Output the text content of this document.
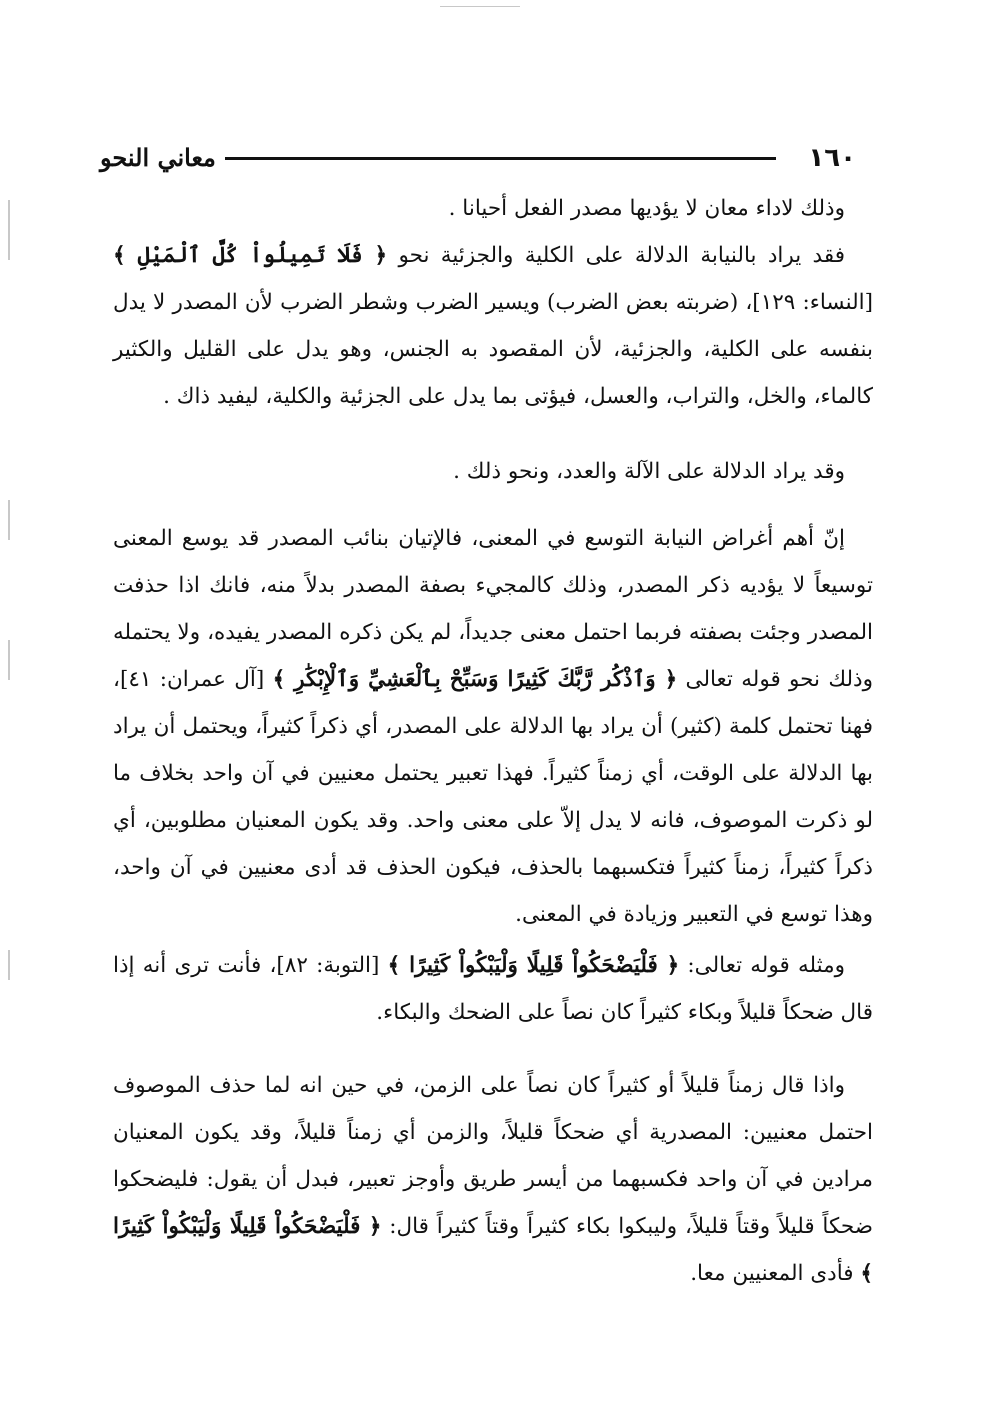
١٦٠
معاني النحو

وذلك لاداء معان لا يؤديها مصدر الفعل أحيانا .

فقد يراد بالنيابة الدلالة على الكلية والجزئية نحو ﴿ فَلَا تَمِيلُواْ كُلَّ ٱلْمَيْلِ ﴾ [النساء: ١٢٩]، (ضربته بعض الضرب) ويسير الضرب وشطر الضرب لأن المصدر لا يدل بنفسه على الكلية، والجزئية، لأن المقصود به الجنس، وهو يدل على القليل والكثير كالماء، والخل، والتراب، والعسل، فيؤتى بما يدل على الجزئية والكلية، ليفيد ذاك .

وقد يراد الدلالة على الآلة والعدد، ونحو ذلك .

إنّ أهم أغراض النيابة التوسع في المعنى، فالإتيان بنائب المصدر قد يوسع المعنى توسيعاً لا يؤديه ذكر المصدر، وذلك كالمجيء بصفة المصدر بدلاً منه، فانك اذا حذفت المصدر وجئت بصفته فربما احتمل معنى جديداً، لم يكن ذكره المصدر يفيده، ولا يحتمله وذلك نحو قوله تعالى ﴿ وَٱذْكُر رَّبَّكَ كَثِيرًا وَسَبِّحْ بِٱلْعَشِيِّ وَٱلْإِبْكَٰرِ ﴾ [آل عمران: ٤١]، فهنا تحتمل كلمة (كثير) أن يراد بها الدلالة على المصدر، أي ذكراً كثيراً، ويحتمل أن يراد بها الدلالة على الوقت، أي زمناً كثيراً. فهذا تعبير يحتمل معنيين في آن واحد بخلاف ما لو ذكرت الموصوف، فانه لا يدل إلاّ على معنى واحد. وقد يكون المعنيان مطلوبين، أي ذكراً كثيراً، زمناً كثيراً فتكسبهما بالحذف، فيكون الحذف قد أدى معنيين في آن واحد، وهذا توسع في التعبير وزيادة في المعنى.

ومثله قوله تعالى: ﴿ فَلْيَضْحَكُواْ قَلِيلًا وَلْيَبْكُواْ كَثِيرًا ﴾ [التوبة: ٨٢]، فأنت ترى أنه إذا قال ضحكاً قليلاً وبكاء كثيراً كان نصاً على الضحك والبكاء.

واذا قال زمناً قليلاً أو كثيراً كان نصاً على الزمن، في حين انه لما حذف الموصوف احتمل معنيين: المصدرية أي ضحكاً قليلاً، والزمن أي زمناً قليلاً، وقد يكون المعنيان مرادين في آن واحد فكسبهما من أيسر طريق وأوجز تعبير، فبدل أن يقول: فليضحكوا ضحكاً قليلاً وقتاً قليلاً، وليبكوا بكاء كثيراً وقتاً كثيراً قال: ﴿ فَلْيَضْحَكُواْ قَلِيلًا وَلْيَبْكُواْ كَثِيرًا ﴾ فأدى المعنيين معا.
